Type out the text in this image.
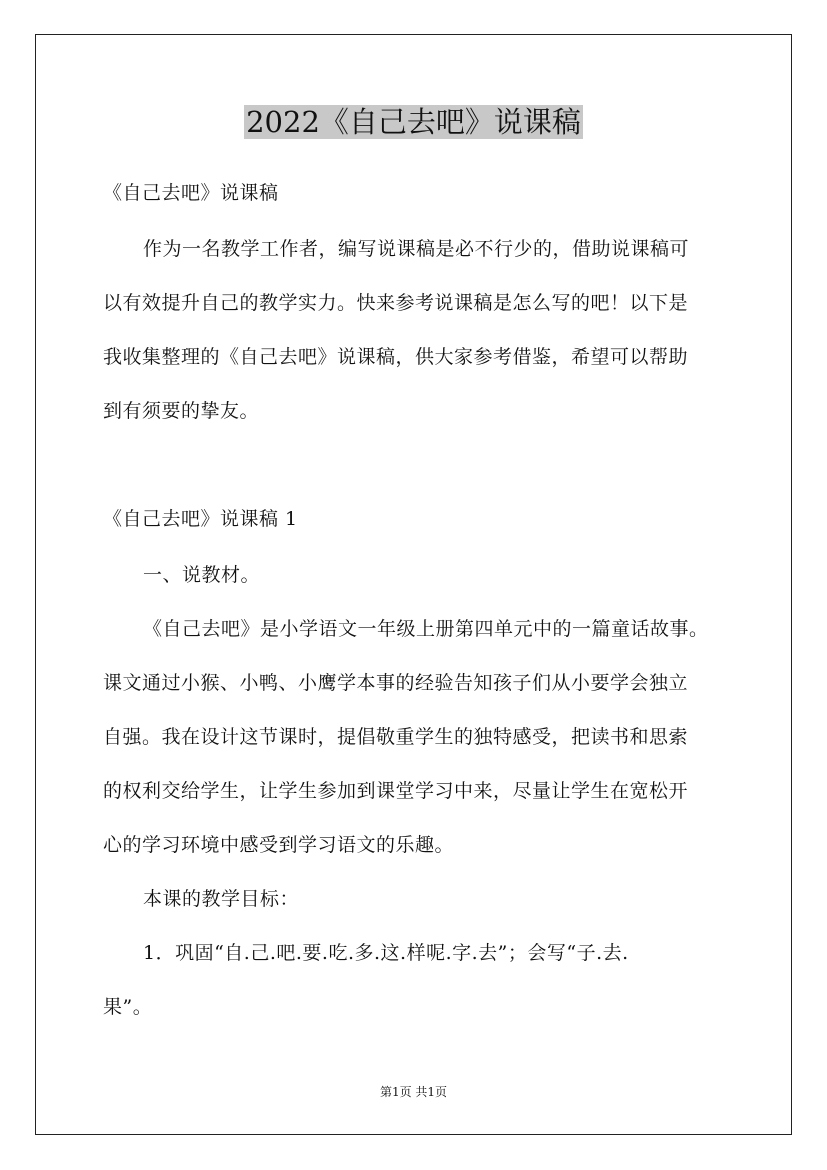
2022《自己去吧》说课稿
《自己去吧》说课稿
作为一名教学工作者，编写说课稿是必不行少的，借助说课稿可
以有效提升自己的教学实力。快来参考说课稿是怎么写的吧！以下是
我收集整理的《自己去吧》说课稿，供大家参考借鉴，希望可以帮助
到有须要的挚友。
《自己去吧》说课稿 1
一、说教材。
《自己去吧》是小学语文一年级上册第四单元中的一篇童话故事。
课文通过小猴、小鸭、小鹰学本事的经验告知孩子们从小要学会独立
自强。我在设计这节课时，提倡敬重学生的独特感受，把读书和思索
的权利交给学生，让学生参加到课堂学习中来，尽量让学生在宽松开
心的学习环境中感受到学习语文的乐趣。
本课的教学目标：
1．巩固“自.己.吧.要.吃.多.这.样呢.字.去”；会写“子.去.
果”。
第1页 共1页
